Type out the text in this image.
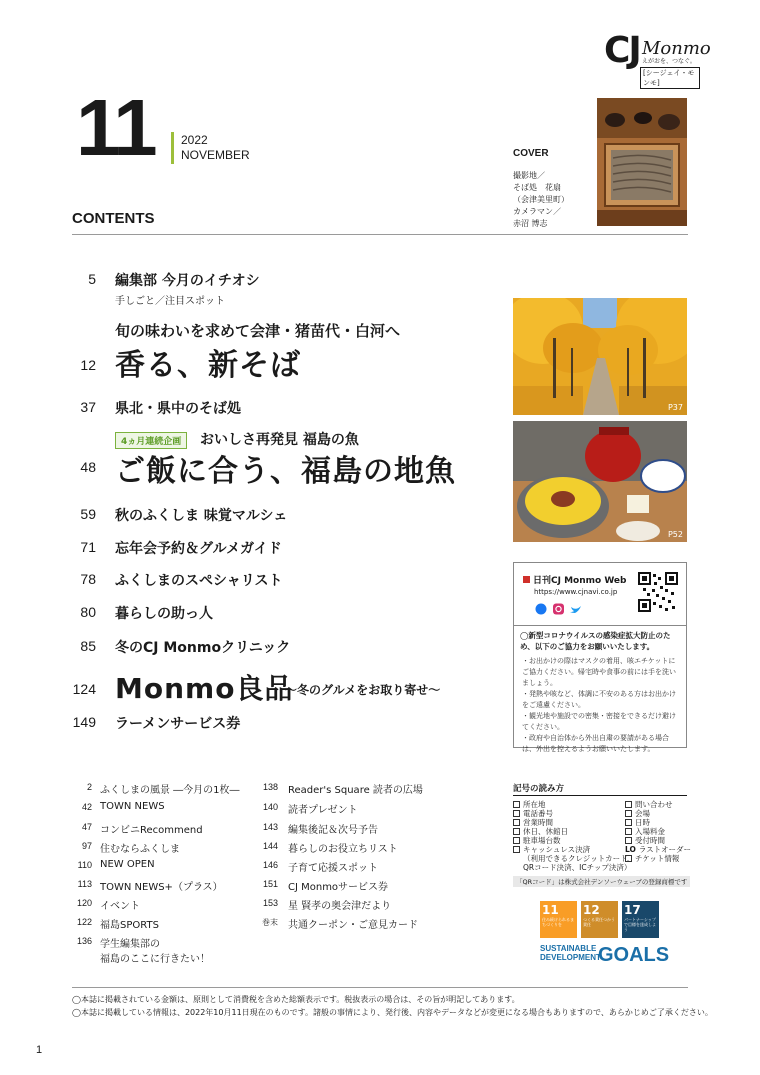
CJ Monmo
えがおを、つなぐ。
[シージェイ・モンモ]
11 2022
NOVEMBER	COVER
撮影地／
そば処　花扇
（会津美里町）
カメラマン／
赤沼 博志
CONTENTS
5 編集部 今月のイチオシ
手しごと／注目スポット
旬の味わいを求めて会津・猪苗代・白河へ
12 香る、新そば
37 県北・県中のそば処
4ヵ月連続企画	おいしさ再発見 福島の魚
48 ご飯に合う、福島の地魚
59 秋のふくしま 味覚マルシェ
71 忘年会予約＆グルメガイド
78 ふくしまのスペシャリスト
80 暮らしの助っ人
85 冬のCJ Monmoクリニック
124 Monmo良品
～冬のグルメをお取り寄せ～
149 ラーメンサービス券
P37
P52
日刊CJ Monmo Web
https://www.cjnavi.co.jp
◯新型コロナウイルスの感染症拡大防止のため、以下のご協力をお願いいたします。
・お出かけの際はマスクの着用、咳エチケットにご協力ください。帰宅時や食事の前には手を洗いましょう。
・発熱や咳など、体調に不安のある方はお出かけをご遠慮ください。
・観光地や施設での密集・密接をできるだけ避けてください。
・政府や自治体から外出自粛の要請がある場合は、外出を控えるようお願いいたします。
2 ふくしまの風景 ―今月の1枚―
42 TOWN NEWS
47 コンビニRecommend
97 住むならふくしま
110 NEW OPEN
113 TOWN NEWS+（プラス）
120 イベント
122 福島SPORTS
136 学生編集部の
福島のここに行きたい！
138 Reader's Square 読者の広場
140 読者プレゼント
143 編集後記＆次号予告
144 暮らしのお役立ちリスト
146 子育て応援スポット
151 CJ Monmoサービス券
153 星 賢孝の奥会津だより
巻末 共通クーポン・ご意見カード
記号の読み方
所在地
電話番号
営業時間
休日、休館日
駐車場台数
キャッシュレス決済
（利用できるクレジットカード、
QRコード決済、ICチップ決済）
問い合わせ
会場
日時
入場料金
受付時間
LO ラストオーダー
チケット情報
「QRコード」は株式会社デンソーウェーブの登録商標です
11
住み続けられるまちづくりを
12
つくる責任つかう責任
17
パートナーシップで目標を達成しよう
SUSTAINABLE
DEVELOPMENT
GOALS
◯本誌に掲載されている金額は、原則として消費税を含めた総額表示です。税抜表示の場合は、その旨が明記してあります。
◯本誌に掲載している情報は、2022年10月11日現在のものです。諸般の事情により、発行後、内容やデータなどが変更になる場合もありますので、あらかじめご了承ください。
1
